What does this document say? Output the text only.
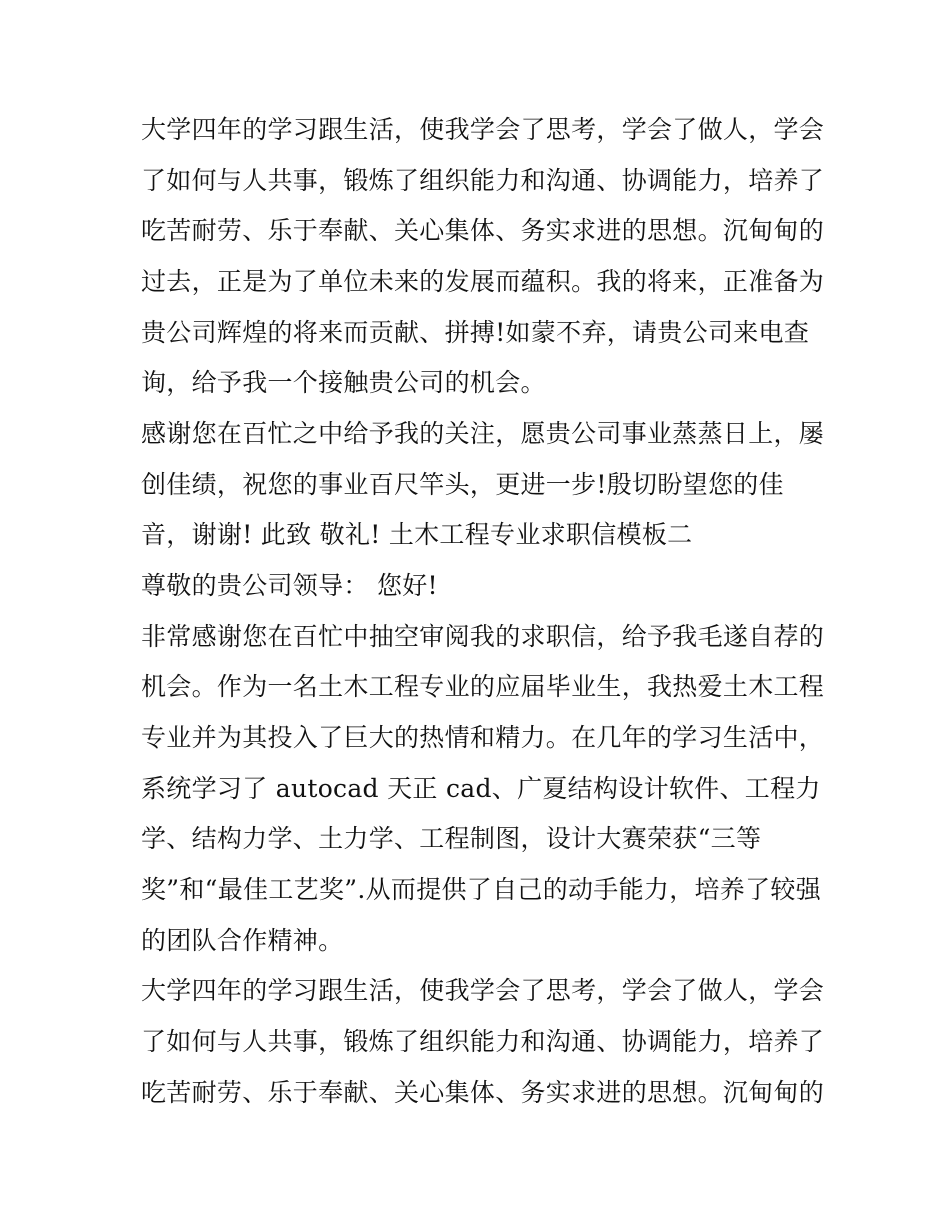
大学四年的学习跟生活，使我学会了思考，学会了做人，学会
了如何与人共事，锻炼了组织能力和沟通、协调能力，培养了
吃苦耐劳、乐于奉献、关心集体、务实求进的思想。沉甸甸的
过去，正是为了单位未来的发展而蕴积。我的将来，正准备为
贵公司辉煌的将来而贡献、拼搏!如蒙不弃，请贵公司来电查
询，给予我一个接触贵公司的机会。
感谢您在百忙之中给予我的关注，愿贵公司事业蒸蒸日上，屡
创佳绩，祝您的事业百尺竿头，更进一步!殷切盼望您的佳
音，谢谢! 此致 敬礼! 土木工程专业求职信模板二
尊敬的贵公司领导： 您好!
非常感谢您在百忙中抽空审阅我的求职信，给予我毛遂自荐的
机会。作为一名土木工程专业的应届毕业生，我热爱土木工程
专业并为其投入了巨大的热情和精力。在几年的学习生活中，
系统学习了 autocad 天正 cad、广夏结构设计软件、工程力
学、结构力学、土力学、工程制图，设计大赛荣获“三等
奖”和“最佳工艺奖”.从而提供了自己的动手能力，培养了较强
的团队合作精神。
大学四年的学习跟生活，使我学会了思考，学会了做人，学会
了如何与人共事，锻炼了组织能力和沟通、协调能力，培养了
吃苦耐劳、乐于奉献、关心集体、务实求进的思想。沉甸甸的
